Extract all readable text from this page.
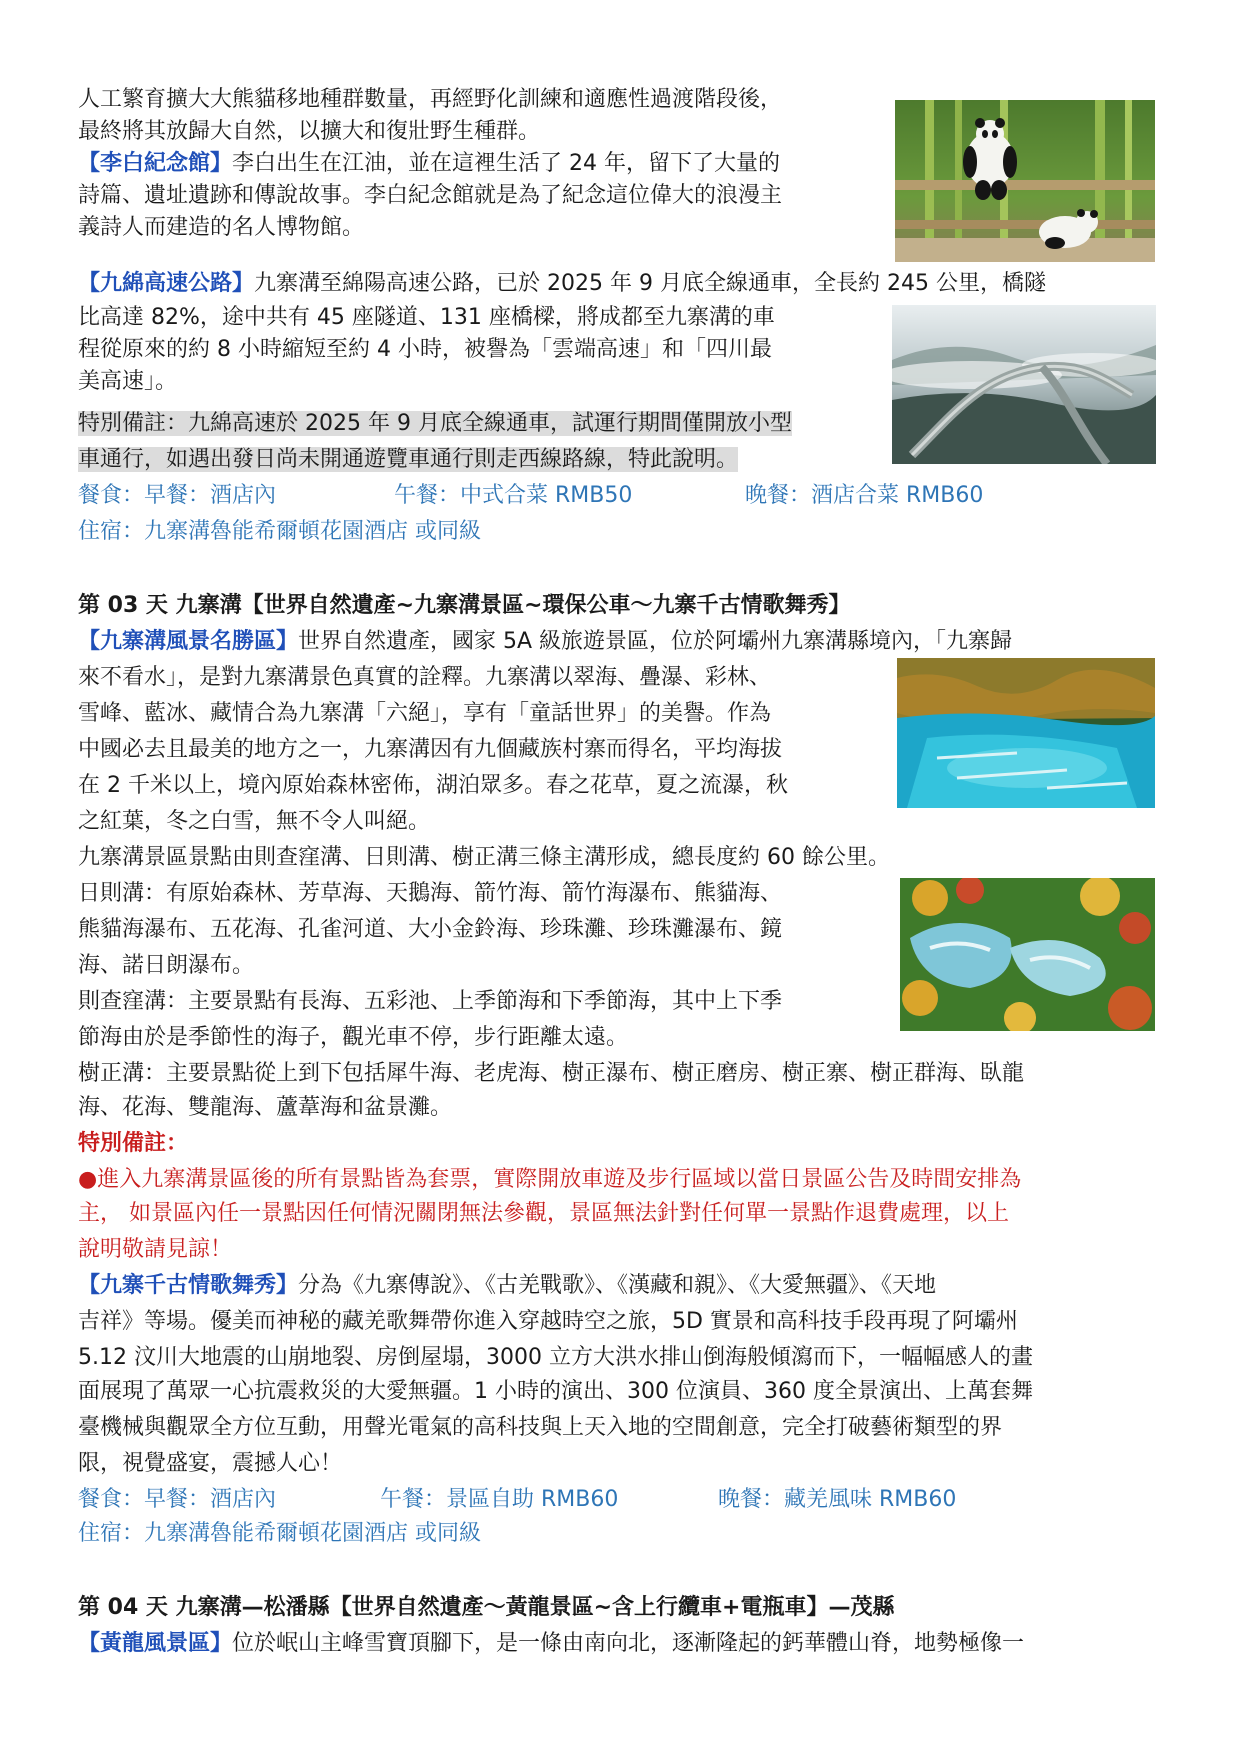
人工繁育擴大大熊貓移地種群數量，再經野化訓練和適應性過渡階段後，
最終將其放歸大自然，以擴大和復壯野生種群。
【李白紀念館】李白出生在江油，並在這裡生活了 24 年，留下了大量的
詩篇、遺址遺跡和傳說故事。李白紀念館就是為了紀念這位偉大的浪漫主
義詩人而建造的名人博物館。
【九綿高速公路】九寨溝至綿陽高速公路，已於 2025 年 9 月底全線通車，全長約 245 公里，橋隧
比高達 82%，途中共有 45 座隧道、131 座橋樑，將成都至九寨溝的車
程從原來的約 8 小時縮短至約 4 小時，被譽為「雲端高速」和「四川最
美高速」。
特別備註：九綿高速於 2025 年 9 月底全線通車，試運行期間僅開放小型
車通行，如遇出發日尚未開通遊覽車通行則走西線路線，特此說明。
餐食：早餐：酒店內	午餐：中式合菜 RMB50	晚餐：酒店合菜 RMB60
住宿：九寨溝魯能希爾頓花園酒店 或同級
第 03 天 九寨溝【世界自然遺產~九寨溝景區~環保公車～九寨千古情歌舞秀】
【九寨溝風景名勝區】世界自然遺產，國家 5A 級旅遊景區，位於阿壩州九寨溝縣境內，「九寨歸
來不看水」，是對九寨溝景色真實的詮釋。九寨溝以翠海、疊瀑、彩林、
雪峰、藍冰、藏情合為九寨溝「六絕」，享有「童話世界」的美譽。作為
中國必去且最美的地方之一，九寨溝因有九個藏族村寨而得名，平均海拔
在 2 千米以上，境內原始森林密佈，湖泊眾多。春之花草，夏之流瀑，秋
之紅葉，冬之白雪，無不令人叫絕。
九寨溝景區景點由則查窪溝、日則溝、樹正溝三條主溝形成，總長度約 60 餘公里。
日則溝：有原始森林、芳草海、天鵝海、箭竹海、箭竹海瀑布、熊貓海、
熊貓海瀑布、五花海、孔雀河道、大小金鈴海、珍珠灘、珍珠灘瀑布、鏡
海、諾日朗瀑布。
則查窪溝：主要景點有長海、五彩池、上季節海和下季節海，其中上下季
節海由於是季節性的海子，觀光車不停，步行距離太遠。
樹正溝：主要景點從上到下包括犀牛海、老虎海、樹正瀑布、樹正磨房、樹正寨、樹正群海、臥龍
海、花海、雙龍海、蘆葦海和盆景灘。
特別備註：
●進入九寨溝景區後的所有景點皆為套票，實際開放車遊及步行區域以當日景區公告及時間安排為
主， 如景區內任一景點因任何情況關閉無法參觀，景區無法針對任何單一景點作退費處理，以上
說明敬請見諒！
【九寨千古情歌舞秀】分為《九寨傳說》、《古羌戰歌》、《漢藏和親》、《大愛無疆》、《天地
吉祥》等場。優美而神秘的藏羌歌舞帶你進入穿越時空之旅，5D 實景和高科技手段再現了阿壩州
5.12 汶川大地震的山崩地裂、房倒屋塌，3000 立方大洪水排山倒海般傾瀉而下，一幅幅感人的畫
面展現了萬眾一心抗震救災的大愛無疆。1 小時的演出、300 位演員、360 度全景演出、上萬套舞
臺機械與觀眾全方位互動，用聲光電氣的高科技與上天入地的空間創意，完全打破藝術類型的界
限，視覺盛宴，震撼人心！
餐食：早餐：酒店內	午餐：景區自助 RMB60	晚餐：藏羌風味 RMB60
住宿：九寨溝魯能希爾頓花園酒店 或同級
第 04 天 九寨溝—松潘縣【世界自然遺產～黃龍景區~含上行纜車+電瓶車】—茂縣
【黃龍風景區】位於岷山主峰雪寶頂腳下，是一條由南向北，逐漸隆起的鈣華體山脊，地勢極像一
